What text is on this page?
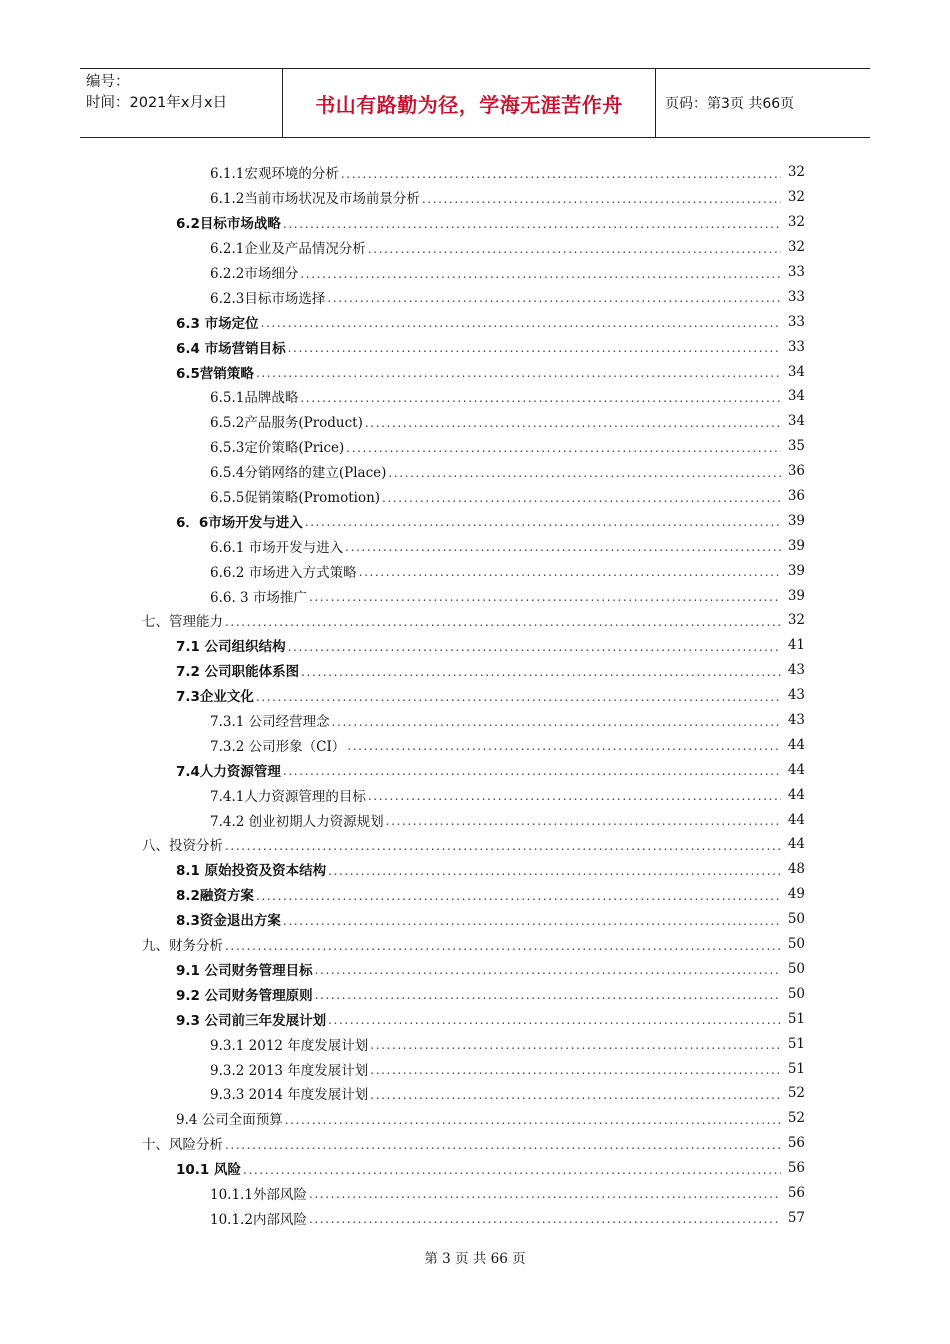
编号：
时间：2021年x月x日	书山有路勤为径，学海无涯苦作舟	页码：第3页 共66页
6.1.1宏观环境的分析 .....	32
6.1.2当前市场状况及市场前景分析 .....	32
6.2目标市场战略 .....	32
6.2.1企业及产品情况分析 .....	32
6.2.2市场细分 .....	33
6.2.3目标市场选择 .....	33
6.3 市场定位 .....	33
6.4 市场营销目标 .....	33
6.5营销策略 .....	34
6.5.1品牌战略 .....	34
6.5.2产品服务(Product) .....	34
6.5.3定价策略(Price) .....	35
6.5.4分销网络的建立(Place) .....	36
6.5.5促销策略(Promotion) .....	36
6．6市场开发与进入 .....	39
6.6.1 市场开发与进入 .....	39
6.6.2 市场进入方式策略 .....	39
6.6. 3 市场推广 .....	39
七、管理能力 .....	32
7.1 公司组织结构 .....	41
7.2 公司职能体系图 .....	43
7.3企业文化 .....	43
7.3.1 公司经营理念 .....	43
7.3.2 公司形象（CI） .....	44
7.4人力资源管理 .....	44
7.4.1人力资源管理的目标 .....	44
7.4.2 创业初期人力资源规划 .....	44
八、投资分析 .....	44
8.1 原始投资及资本结构 .....	48
8.2融资方案 .....	49
8.3资金退出方案 .....	50
九、财务分析 .....	50
9.1 公司财务管理目标 .....	50
9.2 公司财务管理原则 .....	50
9.3 公司前三年发展计划 .....	51
9.3.1 2012 年度发展计划 .....	51
9.3.2 2013 年度发展计划 .....	51
9.3.3 2014 年度发展计划 .....	52
9.4 公司全面预算 .....	52
十、风险分析 .....	56
10.1 风险 .....	56
10.1.1外部风险 .....	56
10.1.2内部风险 .....	57
第 3 页 共 66 页
